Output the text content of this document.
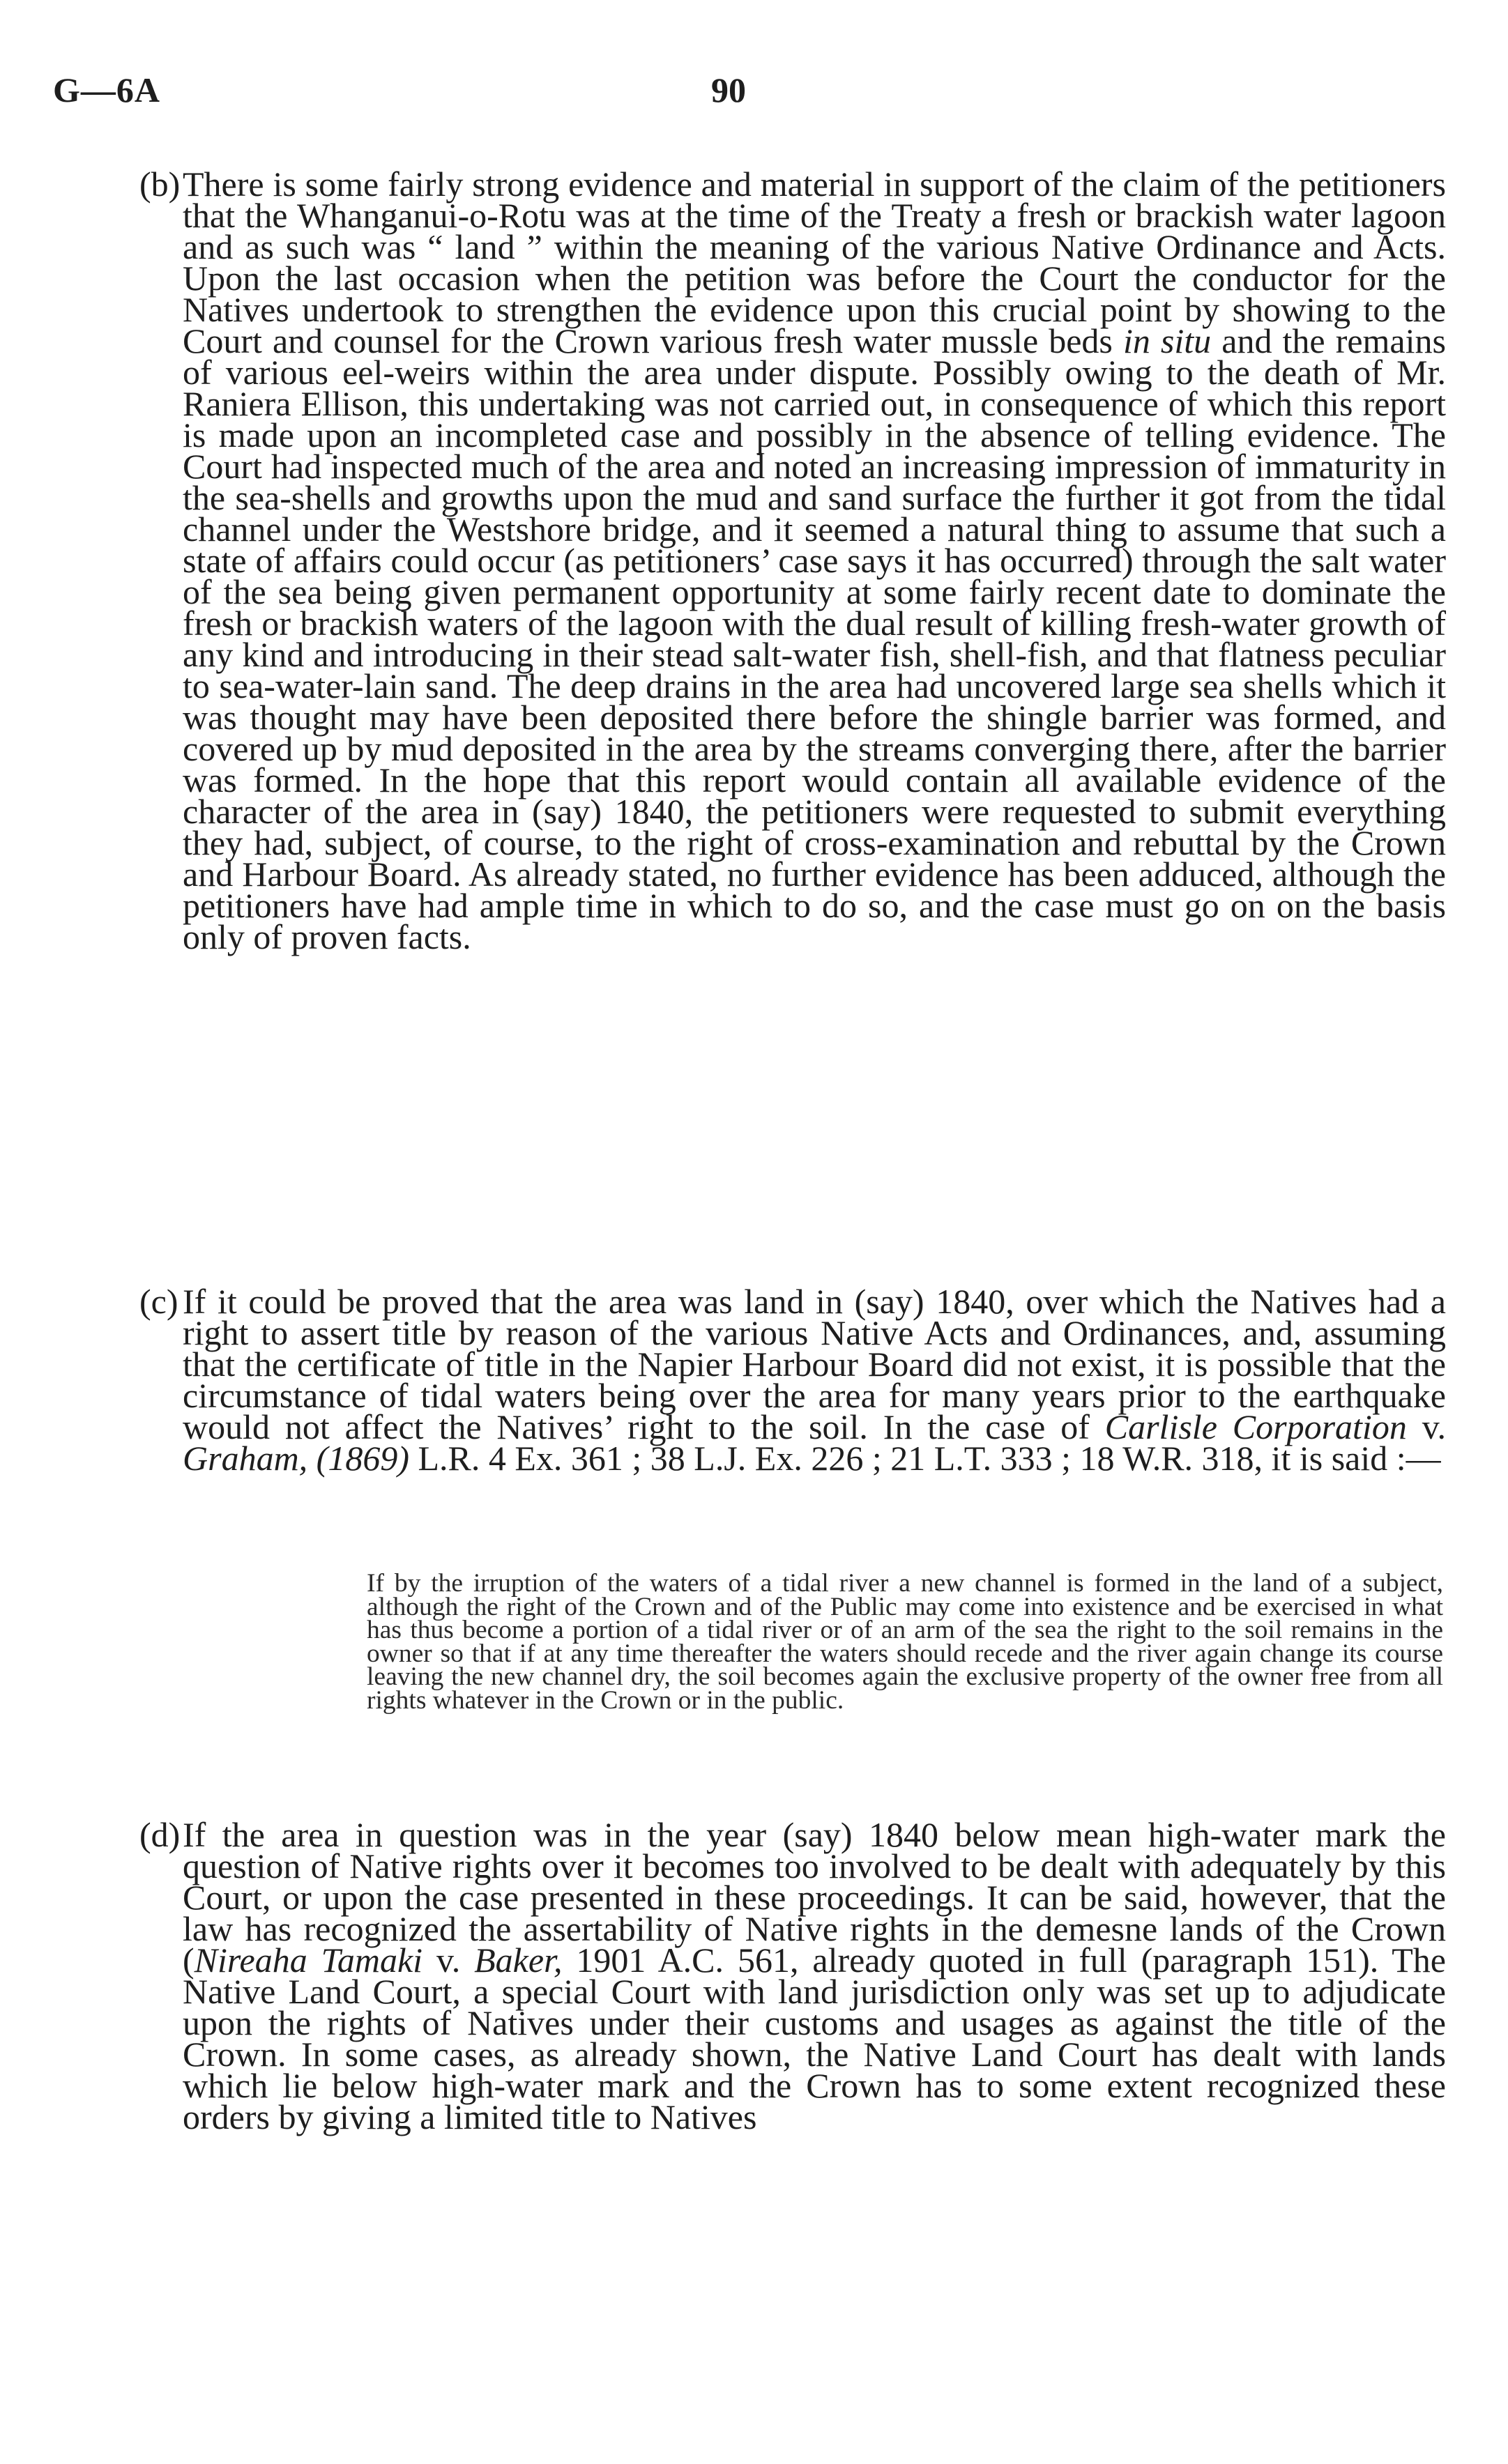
G—6A	90
(b) There is some fairly strong evidence and material in support of the claim of the petitioners that the Whanganui-o-Rotu was at the time of the Treaty a fresh or brackish water lagoon and as such was “ land ” within the meaning of the various Native Ordinance and Acts. Upon the last occasion when the petition was before the Court the conductor for the Natives undertook to strengthen the evidence upon this crucial point by showing to the Court and counsel for the Crown various fresh water mussle beds in situ and the remains of various eel-weirs within the area under dispute. Possibly owing to the death of Mr. Raniera Ellison, this undertaking was not carried out, in consequence of which this report is made upon an incompleted case and possibly in the absence of telling evidence. The Court had inspected much of the area and noted an increasing impression of immaturity in the sea-shells and growths upon the mud and sand surface the further it got from the tidal channel under the Westshore bridge, and it seemed a natural thing to assume that such a state of affairs could occur (as petitioners’ case says it has occurred) through the salt water of the sea being given permanent opportunity at some fairly recent date to dominate the fresh or brackish waters of the lagoon with the dual result of killing fresh-water growth of any kind and introducing in their stead salt-water fish, shell-fish, and that flatness peculiar to sea-water-lain sand. The deep drains in the area had uncovered large sea shells which it was thought may have been deposited there before the shingle barrier was formed, and covered up by mud deposited in the area by the streams converging there, after the barrier was formed. In the hope that this report would contain all available evidence of the character of the area in (say) 1840, the petitioners were requested to submit everything they had, subject, of course, to the right of cross-examination and rebuttal by the Crown and Harbour Board. As already stated, no further evidence has been adduced, although the petitioners have had ample time in which to do so, and the case must go on on the basis only of proven facts.
(c) If it could be proved that the area was land in (say) 1840, over which the Natives had a right to assert title by reason of the various Native Acts and Ordinances, and, assuming that the certificate of title in the Napier Harbour Board did not exist, it is possible that the circumstance of tidal waters being over the area for many years prior to the earthquake would not affect the Natives’ right to the soil. In the case of Carlisle Corporation v. Graham, (1869) L.R. 4 Ex. 361 ; 38 L.J. Ex. 226 ; 21 L.T. 333 ; 18 W.R. 318, it is said :—
If by the irruption of the waters of a tidal river a new channel is formed in the land of a subject, although the right of the Crown and of the Public may come into existence and be exercised in what has thus become a portion of a tidal river or of an arm of the sea the right to the soil remains in the owner so that if at any time thereafter the waters should recede and the river again change its course leaving the new channel dry, the soil becomes again the exclusive property of the owner free from all rights whatever in the Crown or in the public.
(d) If the area in question was in the year (say) 1840 below mean high-water mark the question of Native rights over it becomes too involved to be dealt with adequately by this Court, or upon the case presented in these proceedings. It can be said, however, that the law has recognized the assertability of Native rights in the demesne lands of the Crown (Nireaha Tamaki v. Baker, 1901 A.C. 561, already quoted in full (paragraph 151). The Native Land Court, a special Court with land jurisdiction only was set up to adjudicate upon the rights of Natives under their customs and usages as against the title of the Crown. In some cases, as already shown, the Native Land Court has dealt with lands which lie below high-water mark and the Crown has to some extent recognized these orders by giving a limited title to Natives
